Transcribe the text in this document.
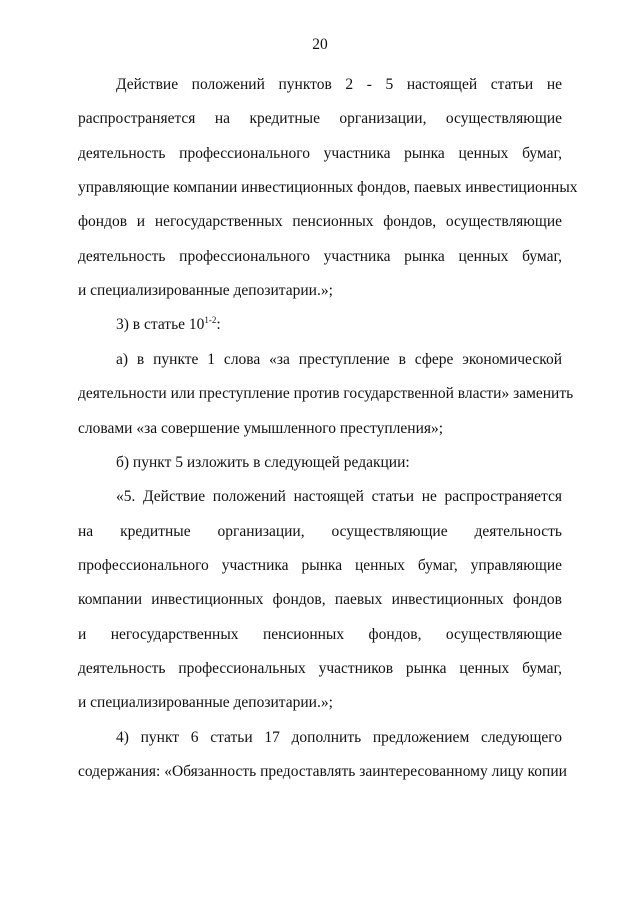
20
Действие положений пунктов 2 - 5 настоящей статьи не
распространяется на кредитные организации, осуществляющие
деятельность профессионального участника рынка ценных бумаг,
управляющие компании инвестиционных фондов, паевых инвестиционных
фондов и негосударственных пенсионных фондов, осуществляющие
деятельность профессионального участника рынка ценных бумаг,
и специализированные депозитарии.»;
3) в статье 10$^{1-2}$:
а) в пункте 1 слова «за преступление в сфере экономической
деятельности или преступление против государственной власти» заменить
словами «за совершение умышленного преступления»;
б) пункт 5 изложить в следующей редакции:
«5. Действие положений настоящей статьи не распространяется
на кредитные организации, осуществляющие деятельность
профессионального участника рынка ценных бумаг, управляющие
компании инвестиционных фондов, паевых инвестиционных фондов
и негосударственных пенсионных фондов, осуществляющие
деятельность профессиональных участников рынка ценных бумаг,
и специализированные депозитарии.»;
4) пункт 6 статьи 17 дополнить предложением следующего
содержания: «Обязанность предоставлять заинтересованному лицу копии
